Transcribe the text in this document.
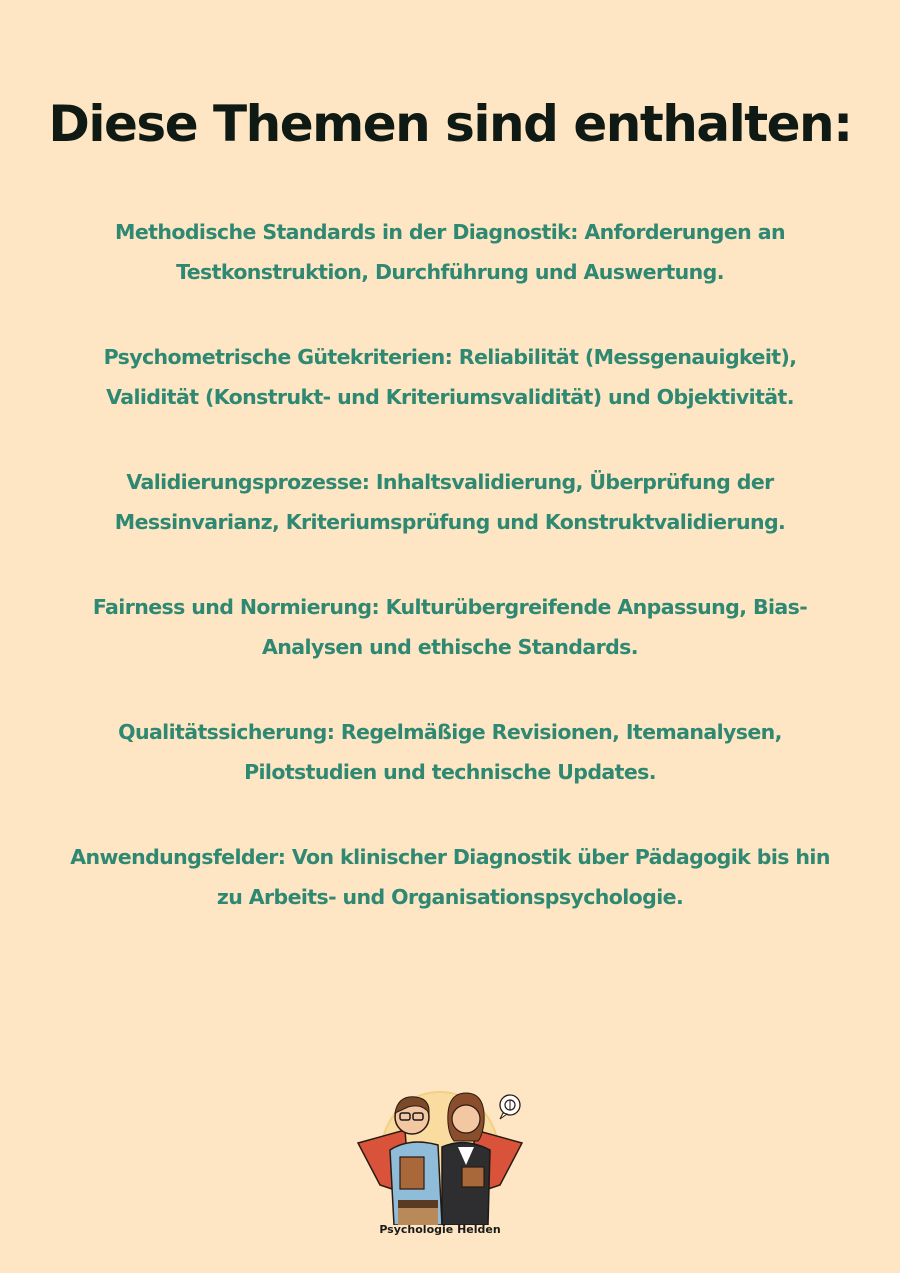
Diese Themen sind enthalten:

Methodische Standards in der Diagnostik: Anforderungen an Testkonstruktion, Durchführung und Auswertung.

Psychometrische Gütekriterien: Reliabilität (Messgenauigkeit), Validität (Konstrukt- und Kriteriumsvalidität) und Objektivität.

Validierungsprozesse: Inhaltsvalidierung, Überprüfung der Messinvarianz, Kriteriumsprüfung und Konstruktvalidierung.

Fairness und Normierung: Kulturübergreifende Anpassung, Bias-Analysen und ethische Standards.

Qualitätssicherung: Regelmäßige Revisionen, Itemanalysen, Pilotstudien und technische Updates.

Anwendungsfelder: Von klinischer Diagnostik über Pädagogik bis hin zu Arbeits- und Organisationspsychologie.

Psychologie Helden
